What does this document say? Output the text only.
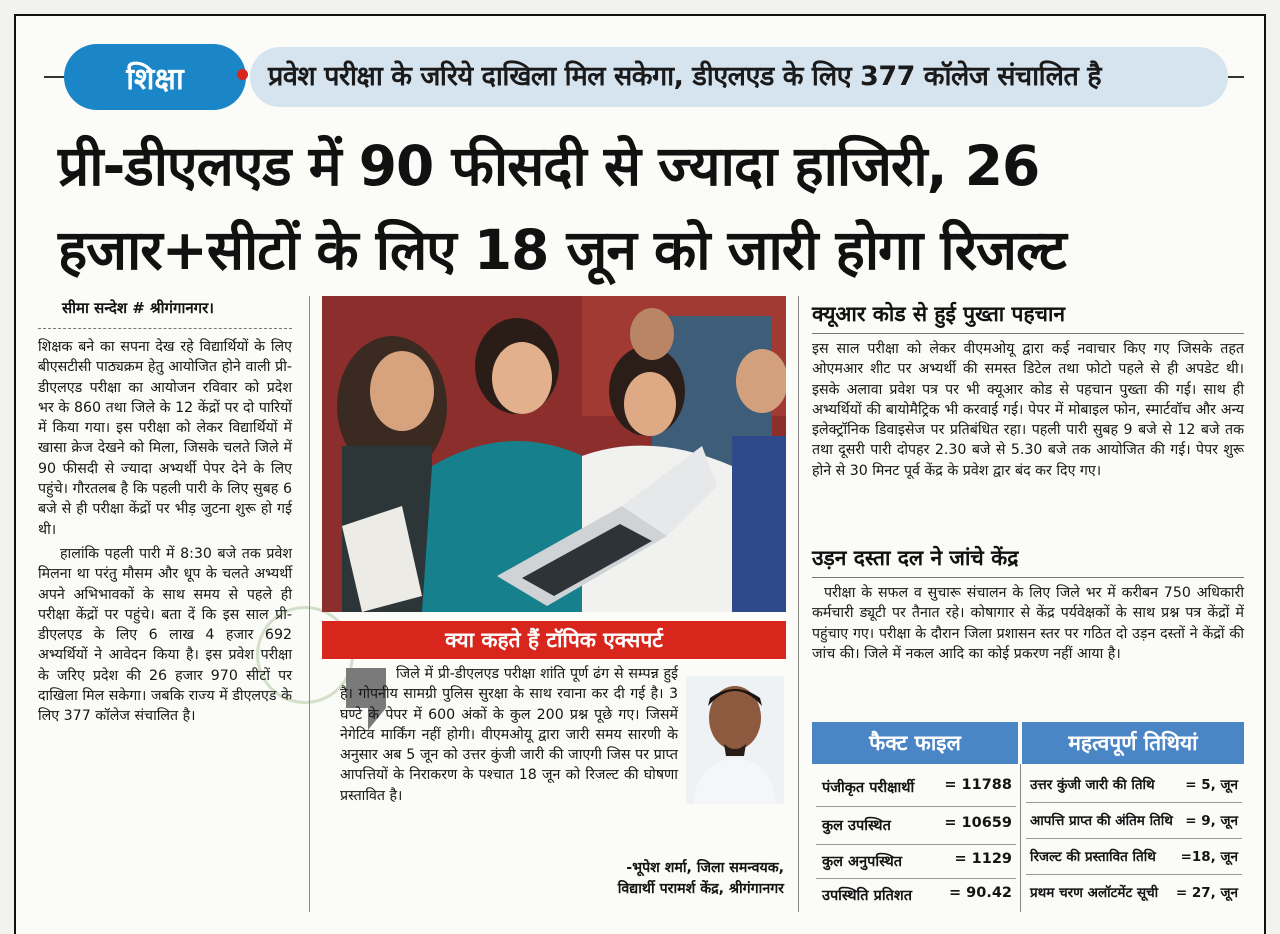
प्रवेश परीक्षा के जरिये दाखिला मिल सकेगा, डीएलएड के लिए 377 कॉलेज संचालित है
शिक्षा
प्री-डीएलएड में 90 फीसदी से ज्यादा हाजिरी, 26
हजार+सीटों के लिए 18 जून को जारी होगा रिजल्ट
सीमा सन्देश # श्रीगंगानगर।

शिक्षक बने का सपना देख रहे विद्यार्थियों के लिए बीएसटीसी पाठ्यक्रम हेतु आयोजित होने वाली प्री-डीएलएड परीक्षा का आयोजन रविवार को प्रदेश भर के 860 तथा जिले के 12 केंद्रों पर दो पारियों में किया गया। इस परीक्षा को लेकर विद्यार्थियों में खासा क्रेज देखने को मिला, जिसके चलते जिले में 90 फीसदी से ज्यादा अभ्यर्थी पेपर देने के लिए पहुंचे। गौरतलब है कि पहली पारी के लिए सुबह 6 बजे से ही परीक्षा केंद्रों पर भीड़ जुटना शुरू हो गई थी।

हालांकि पहली पारी में 8:30 बजे तक प्रवेश मिलना था परंतु मौसम और धूप के चलते अभ्यर्थी अपने अभिभावकों के साथ समय से पहले ही परीक्षा केंद्रों पर पहुंचे। बता दें कि इस साल प्री-डीएलएड के लिए 6 लाख 4 हजार 692 अभ्यर्थियों ने आवेदन किया है। इस प्रवेश परीक्षा के जरिए प्रदेश की 26 हजार 970 सीटों पर दाखिला मिल सकेगा। जबकि राज्य में डीएलएड के लिए 377 कॉलेज संचालित है।

क्या कहते हैं टॉपिक एक्सपर्ट

जिले में प्री-डीएलएड परीक्षा शांति पूर्ण ढंग से सम्पन्न हुई है। गोपनीय सामग्री पुलिस सुरक्षा के साथ रवाना कर दी गई है। 3 घण्टे के पेपर में 600 अंकों के कुल 200 प्रश्न पूछे गए। जिसमें नेगेटिव मार्किंग नहीं होगी। वीएमओयू द्वारा जारी समय सारणी के अनुसार अब 5 जून को उत्तर कुंजी जारी की जाएगी जिस पर प्राप्त आपत्तियों के निराकरण के पश्चात 18 जून को रिजल्ट की घोषणा प्रस्तावित है।

-भूपेश शर्मा, जिला समन्वयक,
विद्यार्थी परामर्श केंद्र, श्रीगंगानगर
क्यूआर कोड से हुई पुख्ता पहचान
इस साल परीक्षा को लेकर वीएमओयू द्वारा कई नवाचार किए गए जिसके तहत ओएमआर शीट पर अभ्यर्थी की समस्त डिटेल तथा फोटो पहले से ही अपडेट थी। इसके अलावा प्रवेश पत्र पर भी क्यूआर कोड से पहचान पुख्ता की गई। साथ ही अभ्यर्थियों की बायोमैट्रिक भी करवाई गई। पेपर में मोबाइल फोन, स्मार्टवॉच और अन्य इलेक्ट्रॉनिक डिवाइसेज पर प्रतिबंधित रहा। पहली पारी सुबह 9 बजे से 12 बजे तक तथा दूसरी पारी दोपहर 2.30 बजे से 5.30 बजे तक आयोजित की गई। पेपर शुरू होने से 30 मिनट पूर्व केंद्र के प्रवेश द्वार बंद कर दिए गए।
उड़न दस्ता दल ने जांचे केंद्र
परीक्षा के सफल व सुचारू संचालन के लिए जिले भर में करीबन 750 अधिकारी कर्मचारी ड्यूटी पर तैनात रहे। कोषागार से केंद्र पर्यवेक्षकों के साथ प्रश्न पत्र केंद्रों में पहुंचाए गए। परीक्षा के दौरान जिला प्रशासन स्तर पर गठित दो उड़न दस्तों ने केंद्रों की जांच की। जिले में नकल आदि का कोई प्रकरण नहीं आया है।
फैक्ट फाइल	महत्वपूर्ण तिथियां
पंजीकृत परीक्षार्थी = 11788
कुल उपस्थित	= 10659
कुल अनुपस्थित	= 1129
उपस्थिति प्रतिशत	= 90.42
उत्तर कुंजी जारी की तिथि = 5, जून
आपत्ति प्राप्त की अंतिम तिथि = 9, जून
रिजल्ट की प्रस्तावित तिथि =18, जून
प्रथम चरण अलॉटमेंट सूची = 27, जून
